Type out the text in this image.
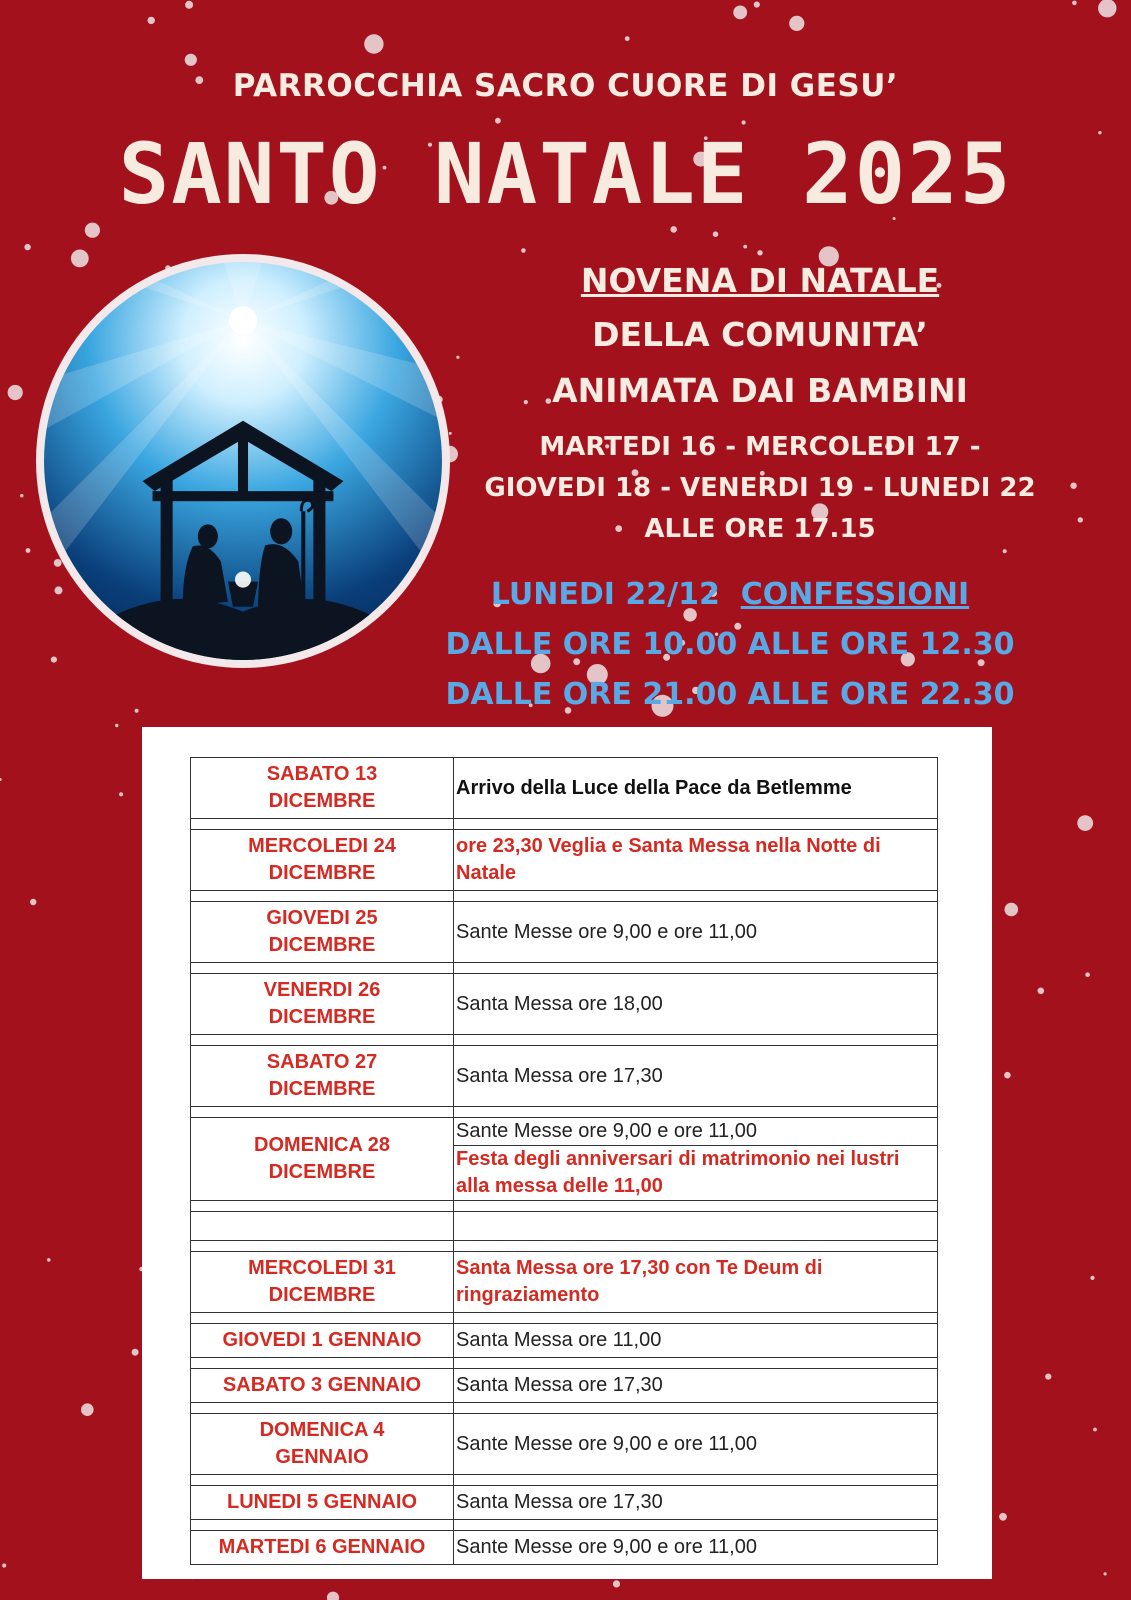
PARROCCHIA SACRO CUORE DI GESU’
SANTO NATALE 2025
NOVENA DI NATALE
DELLA COMUNITA’
ANIMATA DAI BAMBINI
MARTEDI 16 - MERCOLEDI 17 -
GIOVEDI 18 - VENERDI 19 - LUNEDI 22
ALLE ORE 17.15
LUNEDI 22/12 CONFESSIONI
DALLE ORE 10.00 ALLE ORE 12.30
DALLE ORE 21.00 ALLE ORE 22.30
SABATO 13
DICEMBRE	Arrivo della Luce della Pace da Betlemme

MERCOLEDI 24
DICEMBRE	ore 23,30 Veglia e Santa Messa nella Notte di Natale

GIOVEDI 25
DICEMBRE	Sante Messe ore 9,00 e ore 11,00

VENERDI 26
DICEMBRE	Santa Messa ore 18,00

SABATO 27
DICEMBRE	Santa Messa ore 17,30

DOMENICA 28
DICEMBRE	Sante Messe ore 9,00 e ore 11,00
	Festa degli anniversari di matrimonio nei lustri alla messa delle 11,00

MERCOLEDI 31
DICEMBRE	Santa Messa ore 17,30 con Te Deum di ringraziamento

GIOVEDI 1 GENNAIO	Santa Messa ore 11,00

SABATO 3 GENNAIO	Santa Messa ore 17,30

DOMENICA 4
GENNAIO	Sante Messe ore 9,00 e ore 11,00

LUNEDI 5 GENNAIO	Santa Messa ore 17,30

MARTEDI 6 GENNAIO	Sante Messe ore 9,00 e ore 11,00
